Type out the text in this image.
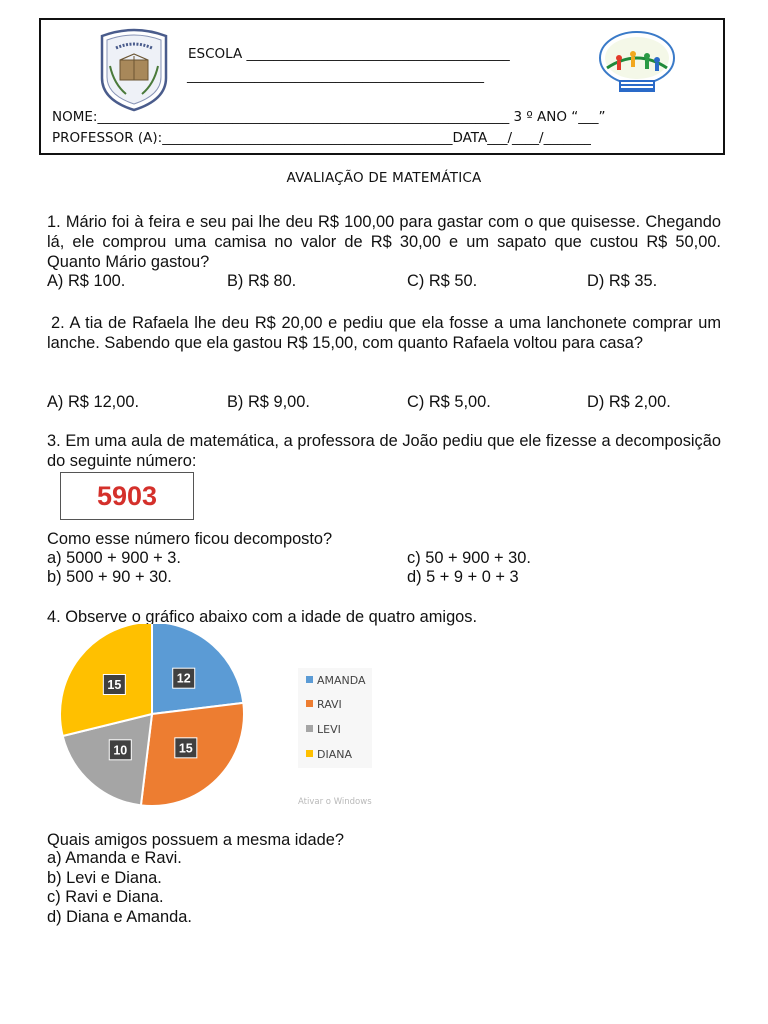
ESCOLA _______________________________________
____________________________________________
NOME:_____________________________________________________________ 3 º ANO “___”
PROFESSOR (A):___________________________________________DATA___/____/_______
AVALIAÇÃO DE MATEMÁTICA
1. Mário foi à feira e seu pai lhe deu R$ 100,00 para gastar com o que quisesse. Chegando lá, ele comprou uma camisa no valor de R$ 30,00 e um sapato que custou R$ 50,00. Quanto Mário gastou?
A) R$ 100.	B) R$ 80.	C) R$ 50.	D) R$ 35.
2. A tia de Rafaela lhe deu R$ 20,00 e pediu que ela fosse a uma lanchonete comprar um lanche. Sabendo que ela gastou R$ 15,00, com quanto Rafaela voltou para casa?
A) R$ 12,00.	B) R$ 9,00.	C) R$ 5,00.	D) R$ 2,00.
3. Em uma aula de matemática, a professora de João pediu que ele fizesse a decomposição do seguinte número:
5903
Como esse número ficou decomposto?
a) 5000 + 900 + 3.	c) 50 + 900 + 30.
b) 500 + 90 + 30.	d) 5 + 9 + 0 + 3
4. Observe o gráfico abaixo com a idade de quatro amigos.
12
15
10
15	AMANDA
RAVI
LEVI
DIANA
Ativar o Windows
Quais amigos possuem a mesma idade?
a) Amanda e Ravi.
b) Levi e Diana.
c) Ravi e Diana.
d) Diana e Amanda.
